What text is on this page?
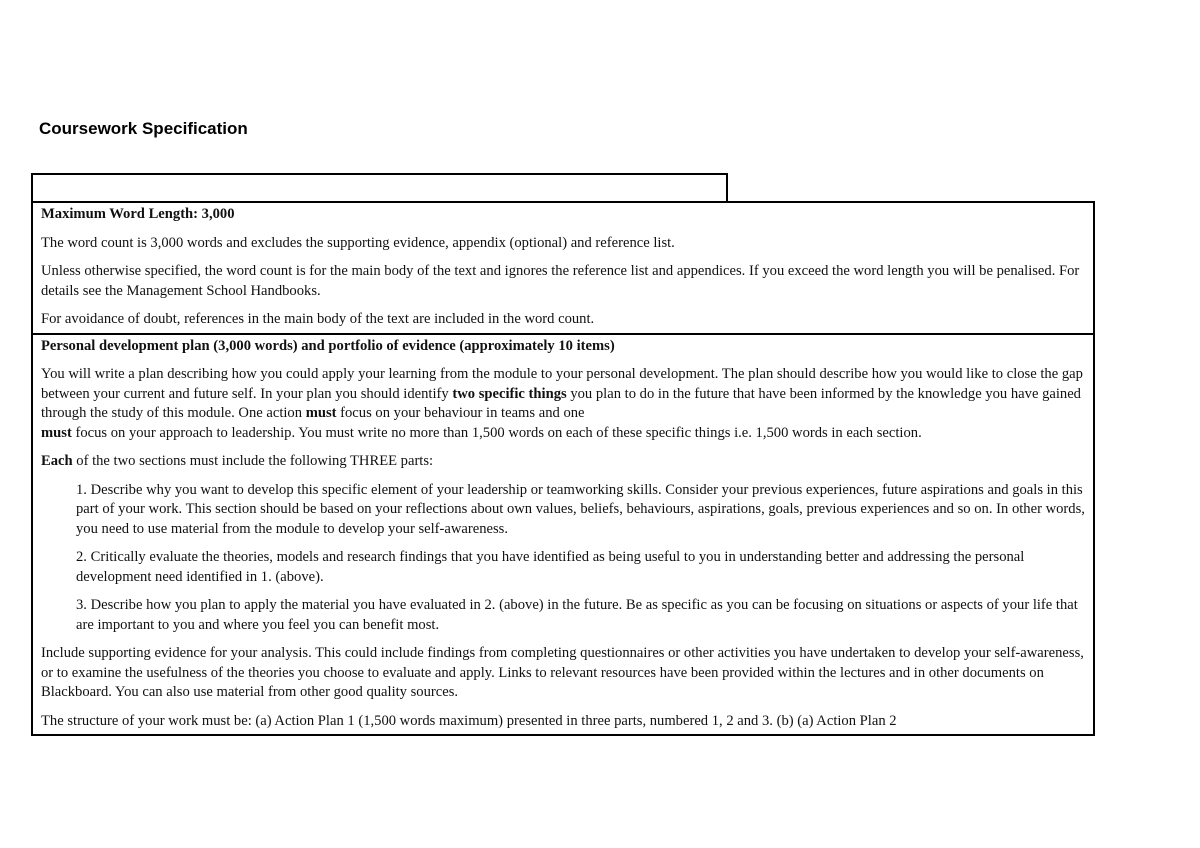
Coursework Specification

Maximum Word Length: 3,000

The word count is 3,000 words and excludes the supporting evidence, appendix (optional) and reference list.

Unless otherwise specified, the word count is for the main body of the text and ignores the reference list and appendices. If you exceed the word length you will be penalised. For details see the Management School Handbooks.

For avoidance of doubt, references in the main body of the text are included in the word count.

Personal development plan (3,000 words) and portfolio of evidence (approximately 10 items)

You will write a plan describing how you could apply your learning from the module to your personal development. The plan should describe how you would like to close the gap between your current and future self. In your plan you should identify two specific things you plan to do in the future that have been informed by the knowledge you have gained through the study of this module. One action must focus on your behaviour in teams and one
must focus on your approach to leadership. You must write no more than 1,500 words on each of these specific things i.e. 1,500 words in each section.

Each of the two sections must include the following THREE parts:

1. Describe why you want to develop this specific element of your leadership or teamworking skills. Consider your previous experiences, future aspirations and goals in this part of your work. This section should be based on your reflections about own values, beliefs, behaviours, aspirations, goals, previous experiences and so on. In other words, you need to use material from the module to develop your self-awareness.

2. Critically evaluate the theories, models and research findings that you have identified as being useful to you in understanding better and addressing the personal development need identified in 1. (above).

3. Describe how you plan to apply the material you have evaluated in 2. (above) in the future. Be as specific as you can be focusing on situations or aspects of your life that are important to you and where you feel you can benefit most.

Include supporting evidence for your analysis. This could include findings from completing questionnaires or other activities you have undertaken to develop your self-awareness, or to examine the usefulness of the theories you choose to evaluate and apply. Links to relevant resources have been provided within the lectures and in other documents on Blackboard. You can also use material from other good quality sources.

The structure of your work must be: (a) Action Plan 1 (1,500 words maximum) presented in three parts, numbered 1, 2 and 3. (b) (a) Action Plan 2
